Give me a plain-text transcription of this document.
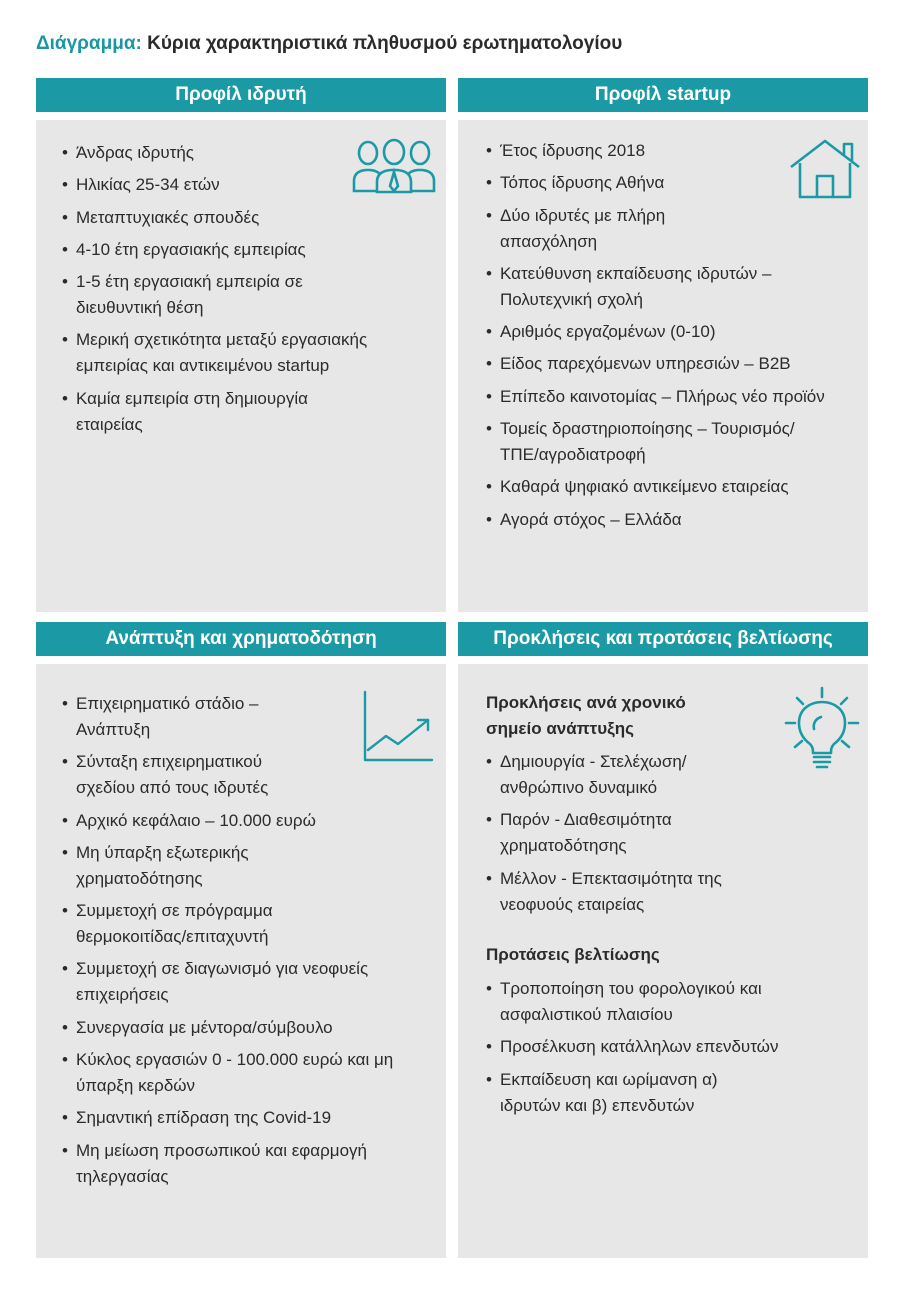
Διάγραμμα: Κύρια χαρακτηριστικά πληθυσμού ερωτηματολογίου
Προφίλ ιδρυτή
• Άνδρας ιδρυτής
• Ηλικίας 25-34 ετών
• Μεταπτυχιακές σπουδές
• 4-10 έτη εργασιακής εμπειρίας
• 1-5 έτη εργασιακή εμπειρία σε διευθυντική θέση
• Μερική σχετικότητα μεταξύ εργασιακής εμπειρίας και αντικειμένου startup
• Καμία εμπειρία στη δημιουργία εταιρείας
Προφίλ startup
• Έτος ίδρυσης 2018
• Τόπος ίδρυσης Αθήνα
• Δύο ιδρυτές με πλήρη απασχόληση
• Κατεύθυνση εκπαίδευσης ιδρυτών – Πολυτεχνική σχολή
• Αριθμός εργαζομένων (0-10)
• Είδος παρεχόμενων υπηρεσιών – B2B
• Επίπεδο καινοτομίας – Πλήρως νέο προϊόν
• Τομείς δραστηριοποίησης – Τουρισμός/ΤΠΕ/αγροδιατροφή
• Καθαρά ψηφιακό αντικείμενο εταιρείας
• Αγορά στόχος – Ελλάδα
Ανάπτυξη και χρηματοδότηση
• Επιχειρηματικό στάδιο – Ανάπτυξη
• Σύνταξη επιχειρηματικού σχεδίου από τους ιδρυτές
• Αρχικό κεφάλαιο – 10.000 ευρώ
• Μη ύπαρξη εξωτερικής χρηματοδότησης
• Συμμετοχή σε πρόγραμμα θερμοκοιτίδας/επιταχυντή
• Συμμετοχή σε διαγωνισμό για νεοφυείς επιχειρήσεις
• Συνεργασία με μέντορα/σύμβουλο
• Κύκλος εργασιών 0 - 100.000 ευρώ και μη ύπαρξη κερδών
• Σημαντική επίδραση της Covid-19
• Μη μείωση προσωπικού και εφαρμογή τηλεργασίας
Προκλήσεις και προτάσεις βελτίωσης
Προκλήσεις ανά χρονικό σημείο ανάπτυξης
• Δημιουργία - Στελέχωση/ ανθρώπινο δυναμικό
• Παρόν - Διαθεσιμότητα χρηματοδότησης
• Μέλλον - Επεκτασιμότητα της νεοφυούς εταιρείας
Προτάσεις βελτίωσης
• Τροποποίηση του φορολογικού και ασφαλιστικού πλαισίου
• Προσέλκυση κατάλληλων επενδυτών
• Εκπαίδευση και ωρίμανση α) ιδρυτών και β) επενδυτών
